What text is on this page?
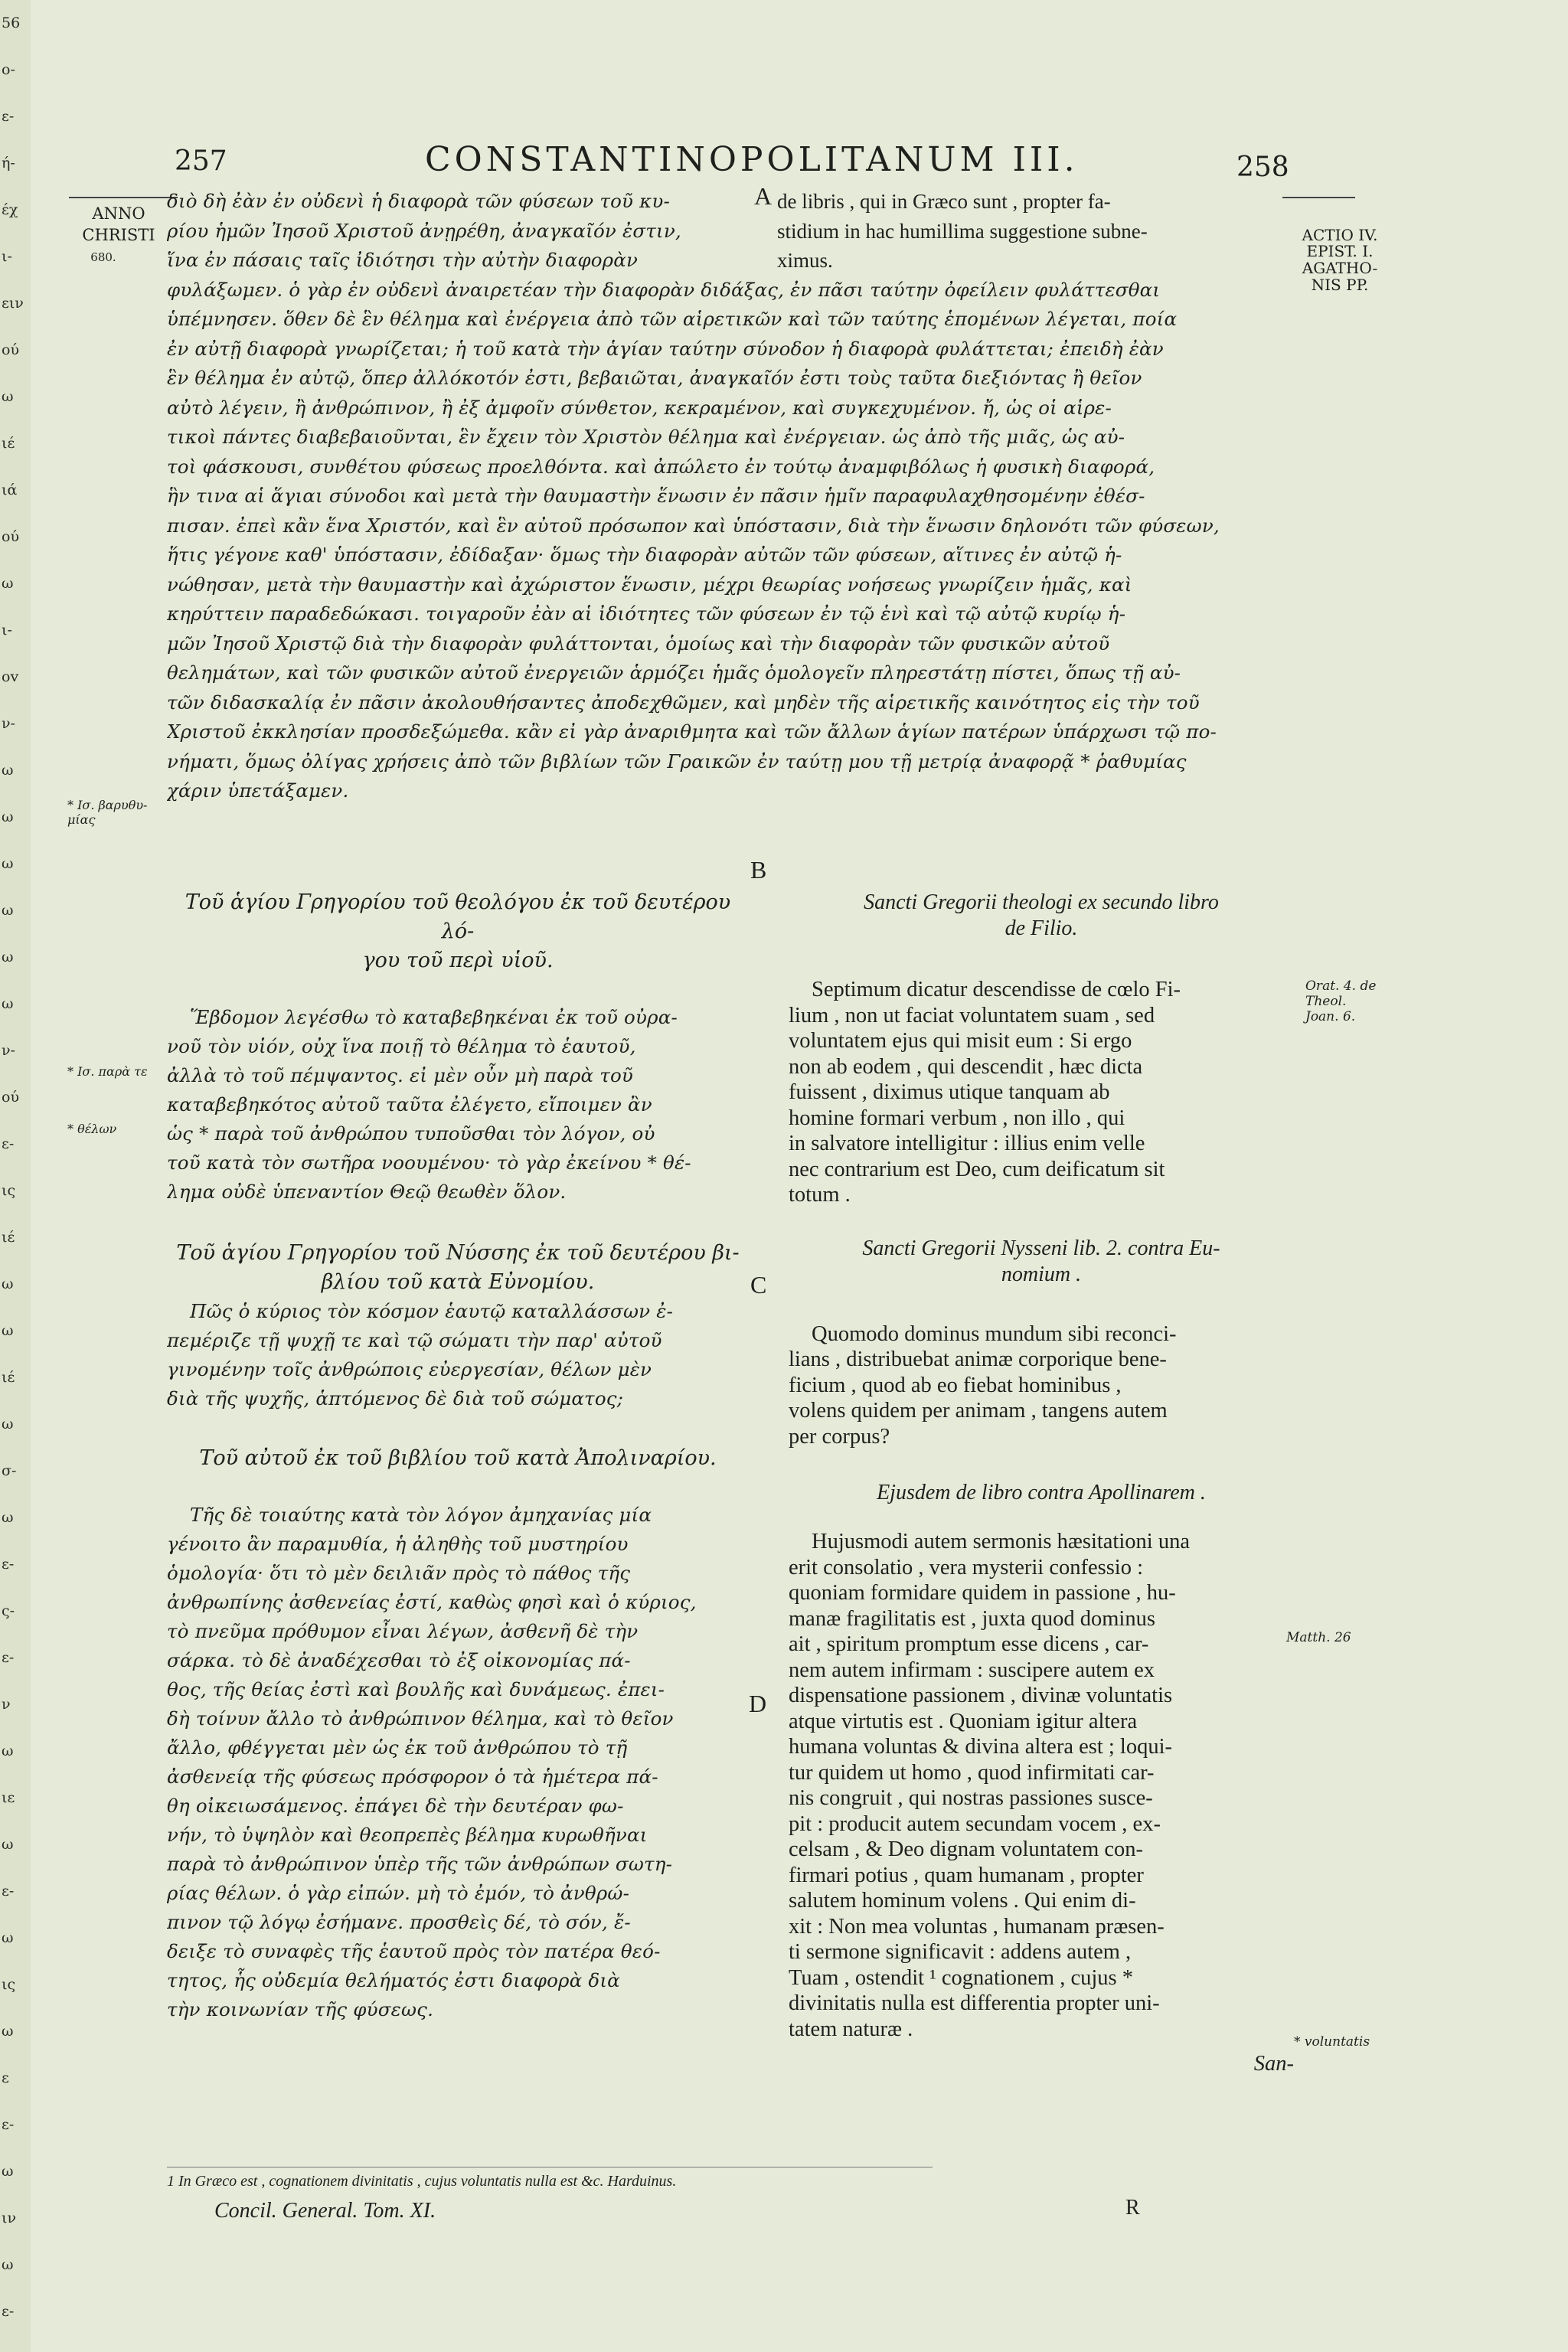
56
o-
ε-
ή-
έχ
ι-
ειν
ού
ω
ιέ
ιά
ού
ω
ι-
ov
ν-
ω
ω
ω
ω
ω
ω
ν-
ού
ε-
ις
ιέ
ω
ω
ιέ
ω
σ-
ω
ε-
ς-
ε-
ν
ω
ιε
ω
ε-
ω
ις
ω
ε
ε-
ω
ιν
ω
ε-
257	CONSTANTINOPOLITANUM III.	258
ANNO
CHRISTI
680.
* Ισ. βαρυθυ-μίας
* Ισ. παρὰ τε
* θέλων
ACTIO IV.
EPIST. I.
AGATHO-
NIS PP.
Orat. 4. de Theol. Joan. 6.
Matth. 26
* voluntatis
A
B
C
D
διὸ δὴ ἐὰν ἐν οὐδενὶ ἡ διαφορὰ τῶν φύσεων τοῦ κυ-
ρίου ἡμῶν Ἰησοῦ Χριστοῦ ἀνῃρέθη, ἀναγκαῖόν ἐστιν,
ἵνα ἐν πάσαις ταῖς ἰδιότησι τὴν αὐτὴν διαφορὰν
φυλάξωμεν. ὁ γὰρ ἐν οὐδενὶ ἀναιρετέαν τὴν διαφορὰν διδάξας, ἐν πᾶσι ταύτην ὀφείλειν φυλάττεσθαι
ὑπέμνησεν. ὅθεν δὲ ἓν θέλημα καὶ ἐνέργεια ἀπὸ τῶν αἱρετικῶν καὶ τῶν ταύτης ἑπομένων λέγεται, ποία
ἐν αὐτῇ διαφορὰ γνωρίζεται; ἡ τοῦ κατὰ τὴν ἁγίαν ταύτην σύνοδον ἡ διαφορὰ φυλάττεται; ἐπειδὴ ἐὰν
ἓν θέλημα ἐν αὐτῷ, ὅπερ ἀλλόκοτόν ἐστι, βεβαιῶται, ἀναγκαῖόν ἐστι τοὺς ταῦτα διεξιόντας ἢ θεῖον
αὐτὸ λέγειν, ἢ ἀνθρώπινον, ἢ ἐξ ἀμφοῖν σύνθετον, κεκραμένον, καὶ συγκεχυμένον. ἤ, ὡς οἱ αἱρε-
τικοὶ πάντες διαβεβαιοῦνται, ἓν ἔχειν τὸν Χριστὸν θέλημα καὶ ἐνέργειαν. ὡς ἀπὸ τῆς μιᾶς, ὡς αὐ-
τοὶ φάσκουσι, συνθέτου φύσεως προελθόντα. καὶ ἀπώλετο ἐν τούτῳ ἀναμφιβόλως ἡ φυσικὴ διαφορά,
ἣν τινα αἱ ἅγιαι σύνοδοι καὶ μετὰ τὴν θαυμαστὴν ἕνωσιν ἐν πᾶσιν ἡμῖν παραφυλαχθησομένην ἐθέσ-
πισαν. ἐπεὶ κἂν ἕνα Χριστόν, καὶ ἓν αὐτοῦ πρόσωπον καὶ ὑπόστασιν, διὰ τὴν ἕνωσιν δηλονότι τῶν φύσεων,
ἥτις γέγονε καθ' ὑπόστασιν, ἐδίδαξαν· ὅμως τὴν διαφορὰν αὐτῶν τῶν φύσεων, αἵτινες ἐν αὐτῷ ἡ-
νώθησαν, μετὰ τὴν θαυμαστὴν καὶ ἀχώριστον ἕνωσιν, μέχρι θεωρίας νοήσεως γνωρίζειν ἡμᾶς, καὶ
κηρύττειν παραδεδώκασι. τοιγαροῦν ἐὰν αἱ ἰδιότητες τῶν φύσεων ἐν τῷ ἑνὶ καὶ τῷ αὐτῷ κυρίῳ ἡ-
μῶν Ἰησοῦ Χριστῷ διὰ τὴν διαφορὰν φυλάττονται, ὁμοίως καὶ τὴν διαφορὰν τῶν φυσικῶν αὐτοῦ
θελημάτων, καὶ τῶν φυσικῶν αὐτοῦ ἐνεργειῶν ἁρμόζει ἡμᾶς ὁμολογεῖν πληρεστάτῃ πίστει, ὅπως τῇ αὐ-
τῶν διδασκαλίᾳ ἐν πᾶσιν ἀκολουθήσαντες ἀποδεχθῶμεν, καὶ μηδὲν τῆς αἱρετικῆς καινότητος εἰς τὴν τοῦ
Χριστοῦ ἐκκλησίαν προσδεξώμεθα. κἂν εἰ γὰρ ἀναριθμητα καὶ τῶν ἄλλων ἁγίων πατέρων ὑπάρχωσι τῷ πο-
νήματι, ὅμως ὀλίγας χρήσεις ἀπὸ τῶν βιβλίων τῶν Γραικῶν ἐν ταύτῃ μου τῇ μετρίᾳ ἀναφορᾷ * ῥαθυμίας
χάριν ὑπετάξαμεν.
de libris , qui in Græco sunt , propter fa-
stidium in hac humillima suggestione subne-
ximus.
Τοῦ ἁγίου Γρηγορίου τοῦ θεολόγου ἐκ τοῦ δευτέρου λό-
γου τοῦ περὶ υἱοῦ.
Ἕβδομον λεγέσθω τὸ καταβεβηκέναι ἐκ τοῦ οὐρα-
νοῦ τὸν υἱόν, οὐχ ἵνα ποιῇ τὸ θέλημα τὸ ἑαυτοῦ,
ἀλλὰ τὸ τοῦ πέμψαντος. εἰ μὲν οὖν μὴ παρὰ τοῦ
καταβεβηκότος αὐτοῦ ταῦτα ἐλέγετο, εἴποιμεν ἂν
ὡς * παρὰ τοῦ ἀνθρώπου τυποῦσθαι τὸν λόγον, οὐ
τοῦ κατὰ τὸν σωτῆρα νοουμένου· τὸ γὰρ ἐκείνου * θέ-
λημα οὐδὲ ὑπεναντίον Θεῷ θεωθὲν ὅλον.
Τοῦ ἁγίου Γρηγορίου τοῦ Νύσσης ἐκ τοῦ δευτέρου βι-
βλίου τοῦ κατὰ Εὐνομίου.
Πῶς ὁ κύριος τὸν κόσμον ἑαυτῷ καταλλάσσων ἐ-
πεμέριζε τῇ ψυχῇ τε καὶ τῷ σώματι τὴν παρ' αὐτοῦ
γινομένην τοῖς ἀνθρώποις εὐεργεσίαν, θέλων μὲν
διὰ τῆς ψυχῆς, ἁπτόμενος δὲ διὰ τοῦ σώματος;
Τοῦ αὐτοῦ ἐκ τοῦ βιβλίου τοῦ κατὰ Ἀπολιναρίου.
Τῆς δὲ τοιαύτης κατὰ τὸν λόγον ἀμηχανίας μία
γένοιτο ἂν παραμυθία, ἡ ἀληθὴς τοῦ μυστηρίου
ὁμολογία· ὅτι τὸ μὲν δειλιᾶν πρὸς τὸ πάθος τῆς
ἀνθρωπίνης ἀσθενείας ἐστί, καθὼς φησὶ καὶ ὁ κύριος,
τὸ πνεῦμα πρόθυμον εἶναι λέγων, ἀσθενῆ δὲ τὴν
σάρκα. τὸ δὲ ἀναδέχεσθαι τὸ ἐξ οἰκονομίας πά-
θος, τῆς θείας ἐστὶ καὶ βουλῆς καὶ δυνάμεως. ἐπει-
δὴ τοίνυν ἄλλο τὸ ἀνθρώπινον θέλημα, καὶ τὸ θεῖον
ἄλλο, φθέγγεται μὲν ὡς ἐκ τοῦ ἀνθρώπου τὸ τῇ
ἀσθενείᾳ τῆς φύσεως πρόσφορον ὁ τὰ ἡμέτερα πά-
θη οἰκειωσάμενος. ἐπάγει δὲ τὴν δευτέραν φω-
νήν, τὸ ὑψηλὸν καὶ θεοπρεπὲς βέλημα κυρωθῆναι
παρὰ τὸ ἀνθρώπινον ὑπὲρ τῆς τῶν ἀνθρώπων σωτη-
ρίας θέλων. ὁ γὰρ εἰπών. μὴ τὸ ἐμόν, τὸ ἀνθρώ-
πινον τῷ λόγῳ ἐσήμανε. προσθεὶς δέ, τὸ σόν, ἔ-
δειξε τὸ συναφὲς τῆς ἑαυτοῦ πρὸς τὸν πατέρα θεό-
τητος, ἧς οὐδεμία θελήματός ἐστι διαφορὰ διὰ
τὴν κοινωνίαν τῆς φύσεως.
Sancti Gregorii theologi ex secundo libro
de Filio.
Septimum dicatur descendisse de cœlo Fi-
lium , non ut faciat voluntatem suam , sed
voluntatem ejus qui misit eum : Si ergo
non ab eodem , qui descendit , hæc dicta
fuissent , diximus utique tanquam ab
homine formari verbum , non illo , qui
in salvatore intelligitur : illius enim velle
nec contrarium est Deo, cum deificatum sit
totum .
Sancti Gregorii Nysseni lib. 2. contra Eu-
nomium .
Quomodo dominus mundum sibi reconci-
lians , distribuebat animæ corporique bene-
ficium , quod ab eo fiebat hominibus ,
volens quidem per animam , tangens autem
per corpus?
Ejusdem de libro contra Apollinarem .
Hujusmodi autem sermonis hæsitationi una
erit consolatio , vera mysterii confessio :
quoniam formidare quidem in passione , hu-
manæ fragilitatis est , juxta quod dominus
ait , spiritum promptum esse dicens , car-
nem autem infirmam : suscipere autem ex
dispensatione passionem , divinæ voluntatis
atque virtutis est . Quoniam igitur altera
humana voluntas & divina altera est ; loqui-
tur quidem ut homo , quod infirmitati car-
nis congruit , qui nostras passiones susce-
pit : producit autem secundam vocem , ex-
celsam , & Deo dignam voluntatem con-
firmari potius , quam humanam , propter
salutem hominum volens . Qui enim di-
xit : Non mea voluntas , humanam præsen-
ti sermone significavit : addens autem ,
Tuam , ostendit ¹ cognationem , cujus *
divinitatis nulla est differentia propter uni-
tatem naturæ .
San-
1 In Græco est , cognationem divinitatis , cujus voluntatis nulla est &c. Harduinus.
Concil. General. Tom. XI.	R
